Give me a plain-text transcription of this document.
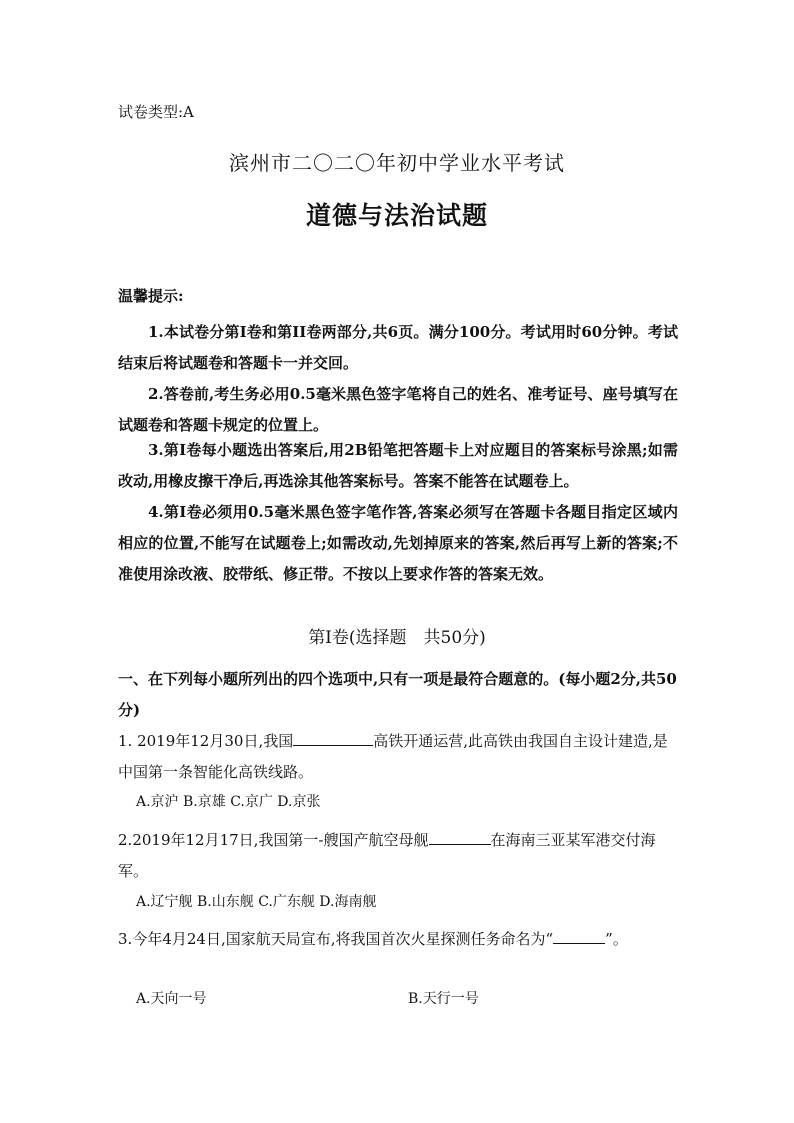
试卷类型:A
滨州市二〇二〇年初中学业水平考试
道德与法治试题
温馨提示:
1.本试卷分第Ⅰ卷和第II卷两部分,共6页。满分100分。考试用时60分钟。考试结束后将试题卷和答题卡一并交回。
2.答卷前,考生务必用0.5毫米黑色签字笔将自己的姓名、准考证号、座号填写在试题卷和答题卡规定的位置上。
3.第Ⅰ卷每小题选出答案后,用2B铅笔把答题卡上对应题目的答案标号涂黑;如需改动,用橡皮擦干净后,再选涂其他答案标号。答案不能答在试题卷上。
4.第Ⅰ卷必须用0.5毫米黑色签字笔作答,答案必须写在答题卡各题目指定区域内相应的位置,不能写在试题卷上;如需改动,先划掉原来的答案,然后再写上新的答案;不准使用涂改液、胶带纸、修正带。不按以上要求作答的答案无效。
第Ⅰ卷(选择题　共50分)
一、在下列每小题所列出的四个选项中,只有一项是最符合题意的。(每小题2分,共50分)
1. 2019年12月30日,我国	高铁开通运营,此高铁由我国自主设计建造,是中国第一条智能化高铁线路。
A.京沪 B.京雄 C.京广 D.京张
2.2019年12月17日,我国第一-艘国产航空母舰	在海南三亚某军港交付海军。
A.辽宁舰 B.山东舰 C.广东舰 D.海南舰
3.今年4月24日,国家航天局宣布,将我国首次火星探测任务命名为“	”。
A.天向一号	B.天行一号
